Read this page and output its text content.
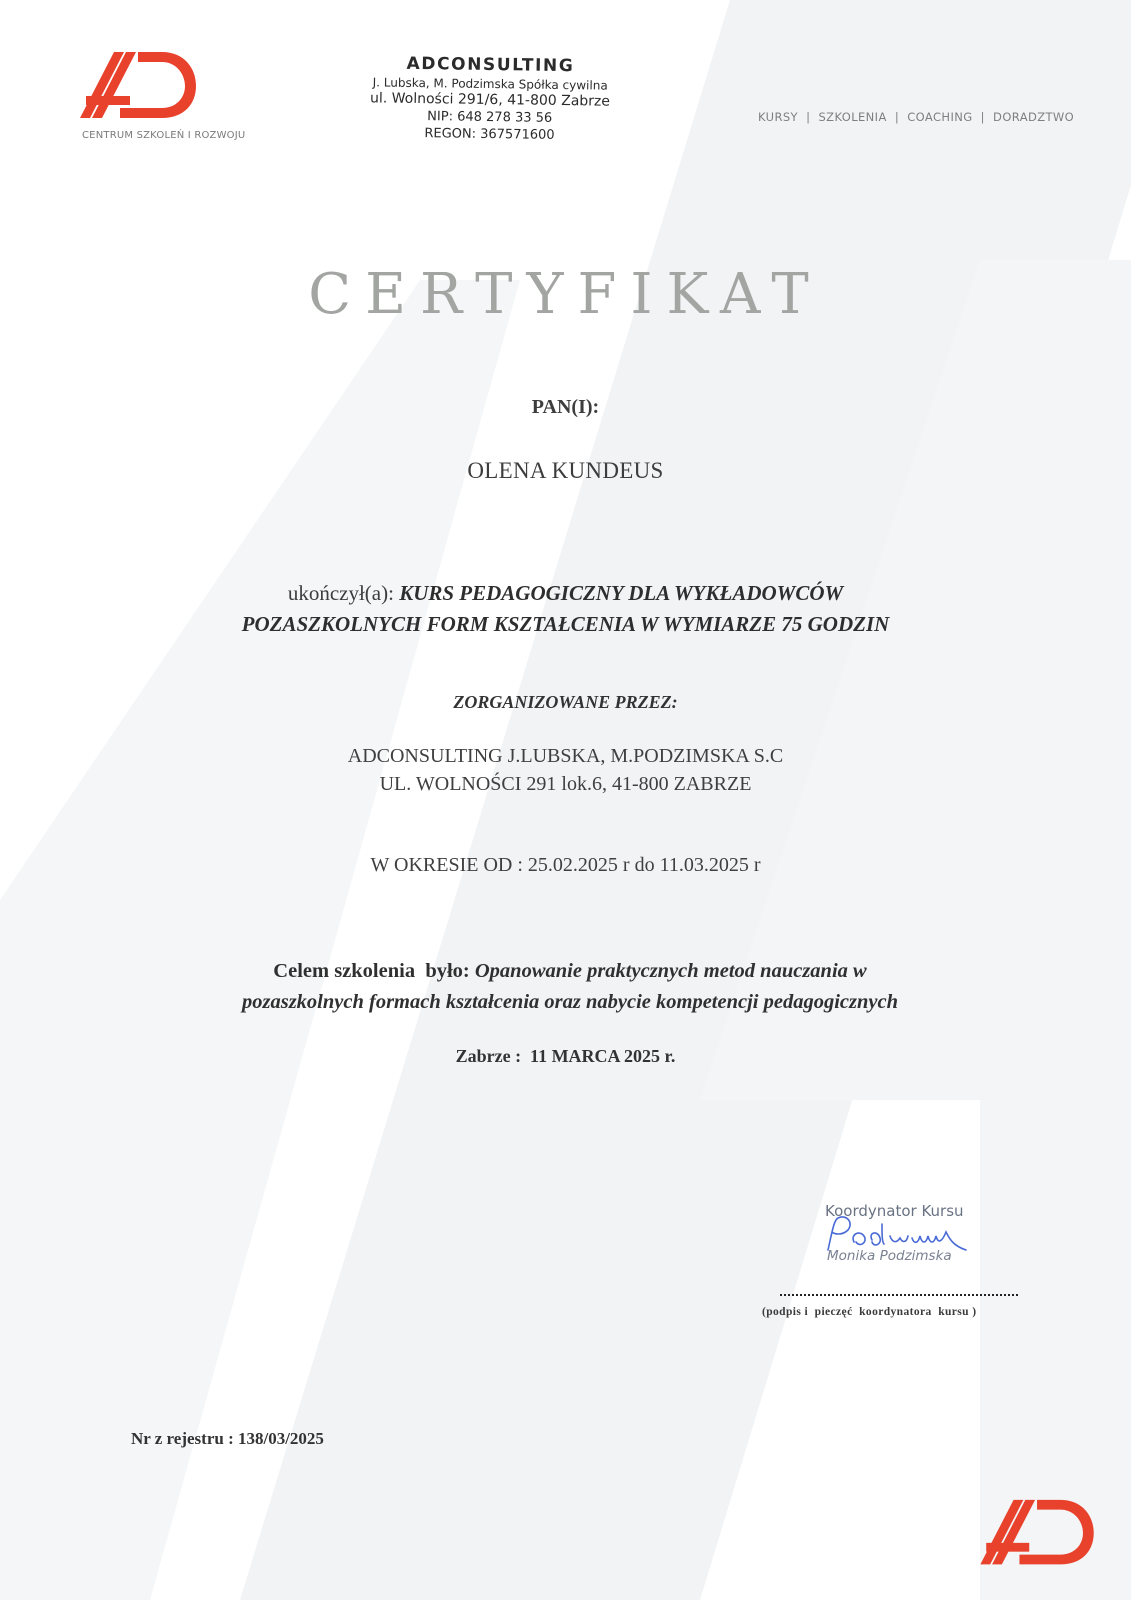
CENTRUM SZKOLEŃ I ROZWOJU
ADCONSULTING
J. Lubska, M. Podzimska Spółka cywilna
ul. Wolności 291/6, 41-800 Zabrze
NIP: 648 278 33 56
REGON: 367571600
KURSY  |  SZKOLENIA  |  COACHING  |  DORADZTWO
CERTYFIKAT
PAN(I):
OLENA KUNDEUS
ukończył(a): KURS PEDAGOGICZNY DLA WYKŁADOWCÓW
POZASZKOLNYCH FORM KSZTAŁCENIA W WYMIARZE 75 GODZIN
ZORGANIZOWANE PRZEZ:
ADCONSULTING J.LUBSKA, M.PODZIMSKA S.C
UL. WOLNOŚCI 291 lok.6, 41-800 ZABRZE
W OKRESIE OD : 25.02.2025 r do 11.03.2025 r
Celem szkolenia  było: Opanowanie praktycznych metod nauczania w
pozaszkolnych formach kształcenia oraz nabycie kompetencji pedagogicznych
Zabrze :  11 MARCA 2025 r.
Koordynator Kursu
Monika Podzimska
(podpis i  pieczęć  koordynatora  kursu )
Nr z rejestru : 138/03/2025
